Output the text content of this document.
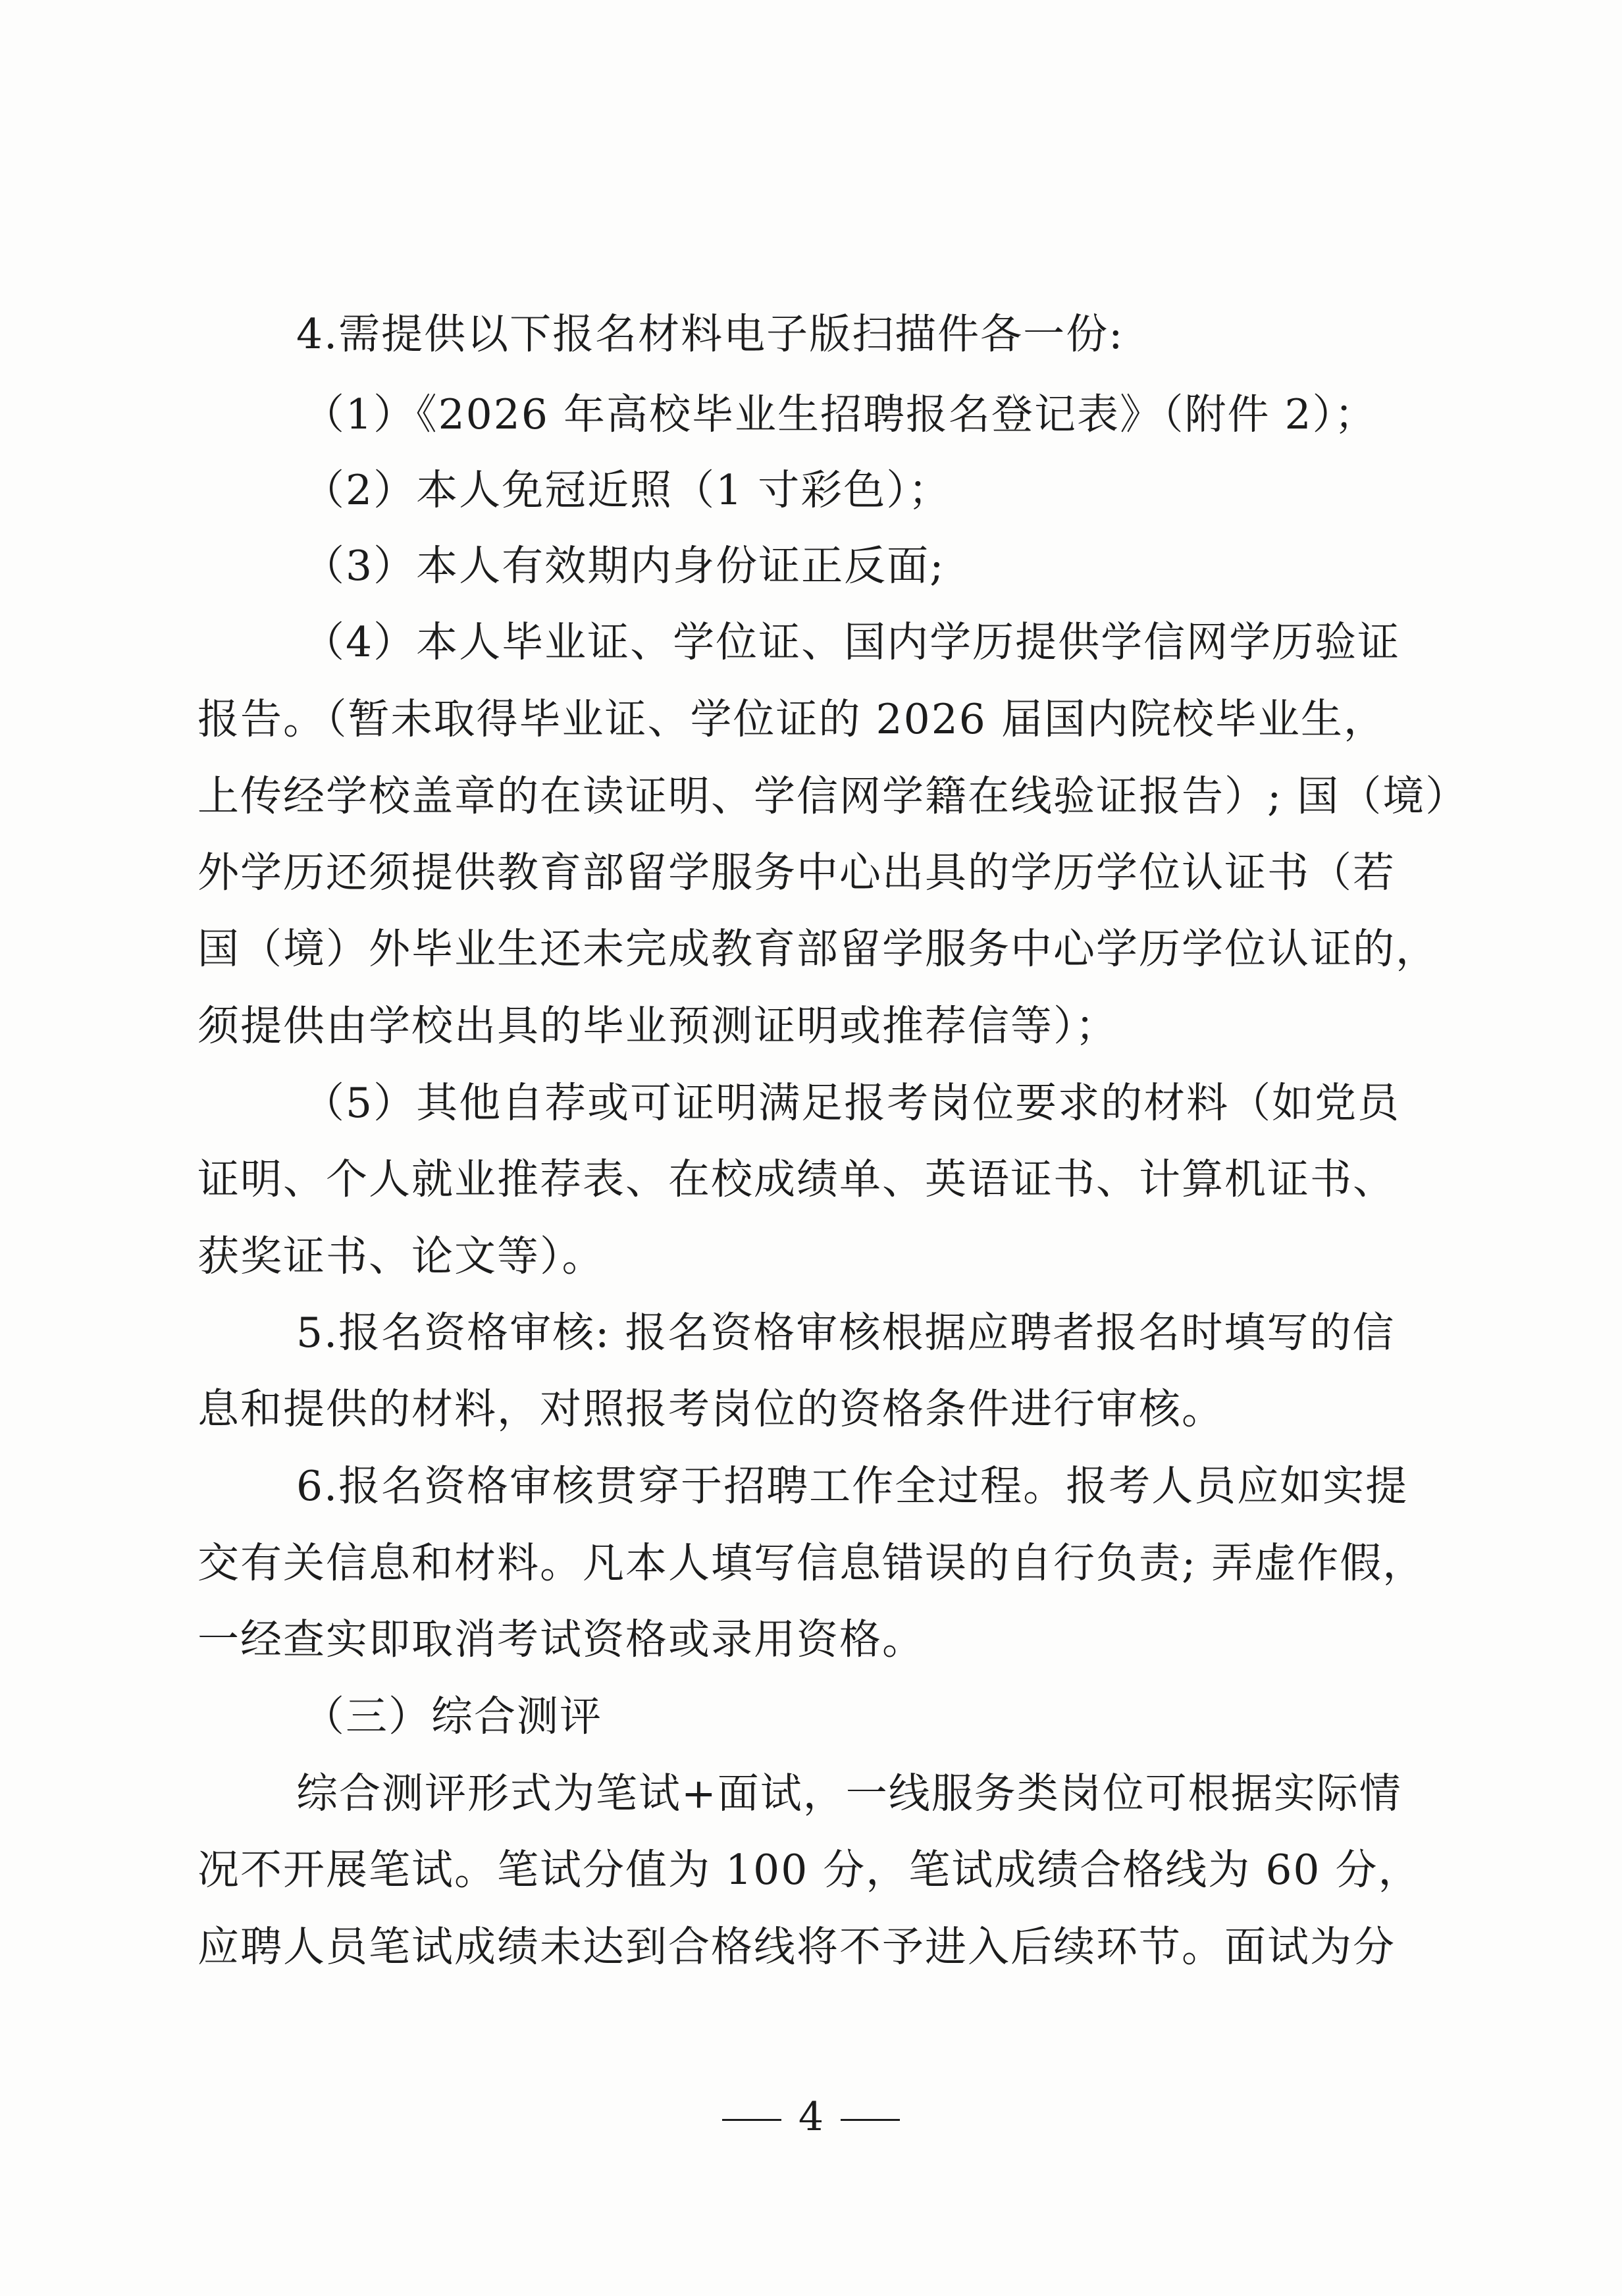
4.需提供以下报名材料电子版扫描件各一份:
（1）《2026 年高校毕业生招聘报名登记表》（附件 2）；
（2）本人免冠近照（1 寸彩色）；
（3）本人有效期内身份证正反面;
（4）本人毕业证、学位证、国内学历提供学信网学历验证
报告。（暂未取得毕业证、学位证的 2026 届国内院校毕业生，
上传经学校盖章的在读证明、学信网学籍在线验证报告）; 国（境）
外学历还须提供教育部留学服务中心出具的学历学位认证书（若
国（境）外毕业生还未完成教育部留学服务中心学历学位认证的，
须提供由学校出具的毕业预测证明或推荐信等）；
（5）其他自荐或可证明满足报考岗位要求的材料（如党员
证明、个人就业推荐表、在校成绩单、英语证书、计算机证书、
获奖证书、论文等）。
5.报名资格审核: 报名资格审核根据应聘者报名时填写的信
息和提供的材料，对照报考岗位的资格条件进行审核。
6.报名资格审核贯穿于招聘工作全过程。报考人员应如实提
交有关信息和材料。凡本人填写信息错误的自行负责; 弄虚作假，
一经查实即取消考试资格或录用资格。
（三）综合测评
综合测评形式为笔试+面试，一线服务类岗位可根据实际情
况不开展笔试。笔试分值为 100 分，笔试成绩合格线为 60 分，
应聘人员笔试成绩未达到合格线将不予进入后续环节。面试为分
4
